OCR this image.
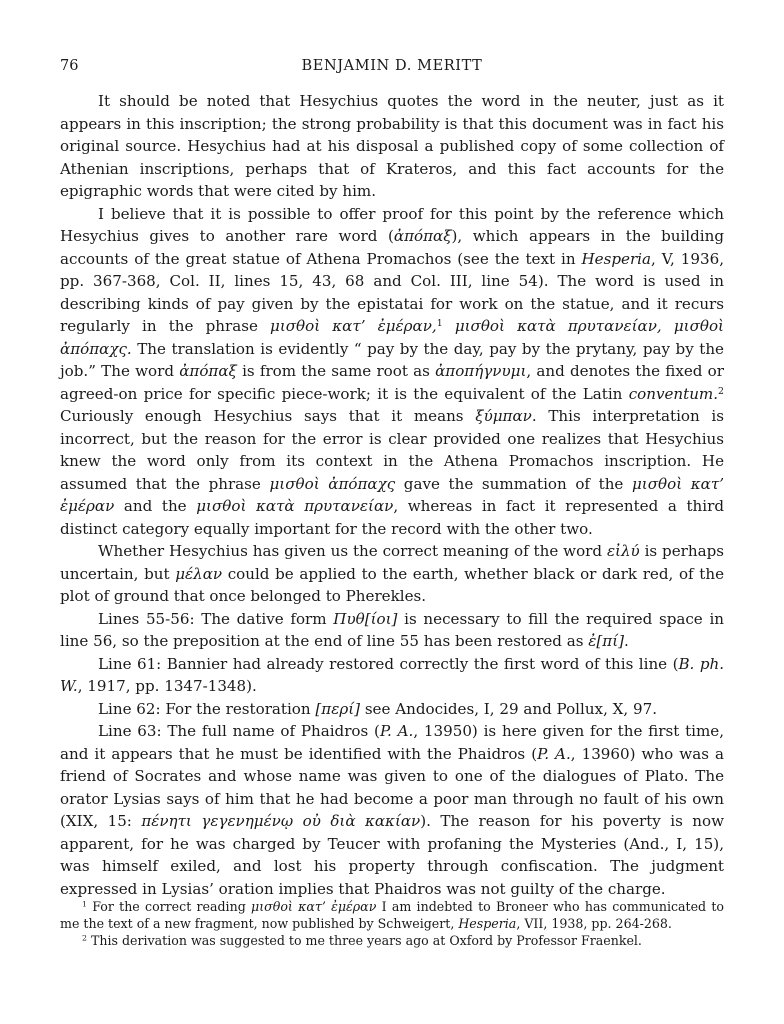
76	BENJAMIN D. MERITT

It should be noted that Hesychius quotes the word in the neuter, just as it appears in this inscription; the strong probability is that this document was in fact his original source. Hesychius had at his disposal a published copy of some collection of Athenian inscriptions, perhaps that of Krateros, and this fact accounts for the epigraphic words that were cited by him.

I believe that it is possible to offer proof for this point by the reference which Hesychius gives to another rare word (ἀπόπαξ), which appears in the building accounts of the great statue of Athena Promachos (see the text in Hesperia, V, 1936, pp. 367-368, Col. II, lines 15, 43, 68 and Col. III, line 54). The word is used in describing kinds of pay given by the epistatai for work on the statue, and it recurs regularly in the phrase μισθοὶ κατ’ ἐμέραν,$^1$ μισθοὶ κατὰ πρυτανείαν, μισθοὶ ἀπόπαχς. The translation is evidently “ pay by the day, pay by the prytany, pay by the job.” The word ἀπόπαξ is from the same root as ἀποπήγνυμι, and denotes the fixed or agreed-on price for specific piece-work; it is the equivalent of the Latin conventum.$^2$ Curiously enough Hesychius says that it means ξύμπαν. This interpretation is incorrect, but the reason for the error is clear provided one realizes that Hesychius knew the word only from its context in the Athena Promachos inscription. He assumed that the phrase μισθοὶ ἀπόπαχς gave the summation of the μισθοὶ κατ’ ἐμέραν and the μισθοὶ κατὰ πρυτανείαν, whereas in fact it represented a third distinct category equally important for the record with the other two.

Whether Hesychius has given us the correct meaning of the word εἰλύ is perhaps uncertain, but μέλαν could be applied to the earth, whether black or dark red, of the plot of ground that once belonged to Pherekles.

Lines 55-56: The dative form Πυθ[ίοι] is necessary to fill the required space in line 56, so the preposition at the end of line 55 has been restored as ἐ[πί].

Line 61: Bannier had already restored correctly the first word of this line (B. ph. W., 1917, pp. 1347-1348).

Line 62: For the restoration [περί] see Andocides, I, 29 and Pollux, X, 97.

Line 63: The full name of Phaidros (P. A., 13950) is here given for the first time, and it appears that he must be identified with the Phaidros (P. A., 13960) who was a friend of Socrates and whose name was given to one of the dialogues of Plato. The orator Lysias says of him that he had become a poor man through no fault of his own (XIX, 15: πένητι γεγενημένῳ οὐ διὰ κακίαν). The reason for his poverty is now apparent, for he was charged by Teucer with profaning the Mysteries (And., I, 15), was himself exiled, and lost his property through confiscation. The judgment expressed in Lysias’ oration implies that Phaidros was not guilty of the charge.

$^1$ For the correct reading μισθοὶ κατ’ ἐμέραν I am indebted to Broneer who has communicated to me the text of a new fragment, now published by Schweigert, Hesperia, VII, 1938, pp. 264-268.

$^2$ This derivation was suggested to me three years ago at Oxford by Professor Fraenkel.
